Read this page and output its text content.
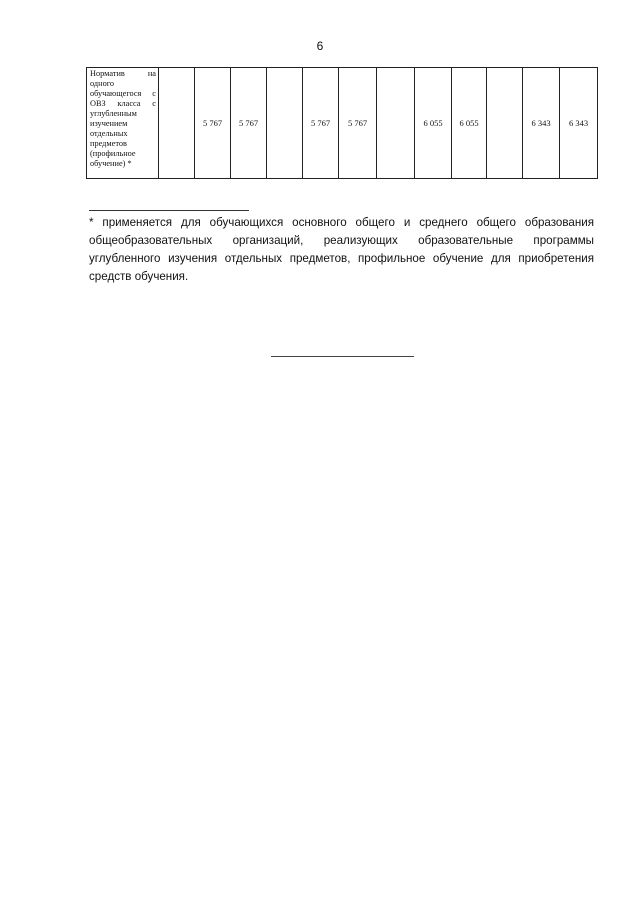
6
Норматив на одного обучающегося с ОВЗ класса с углубленным изучением отдельных предметов (профильное обучение) *		5 767	5 767		5 767	5 767		6 055	6 055		6 343	6 343

* применяется для обучающихся основного общего и среднего общего образования общеобразовательных организаций, реализующих образовательные программы углубленного изучения отдельных предметов, профильное обучение для приобретения средств обучения.
